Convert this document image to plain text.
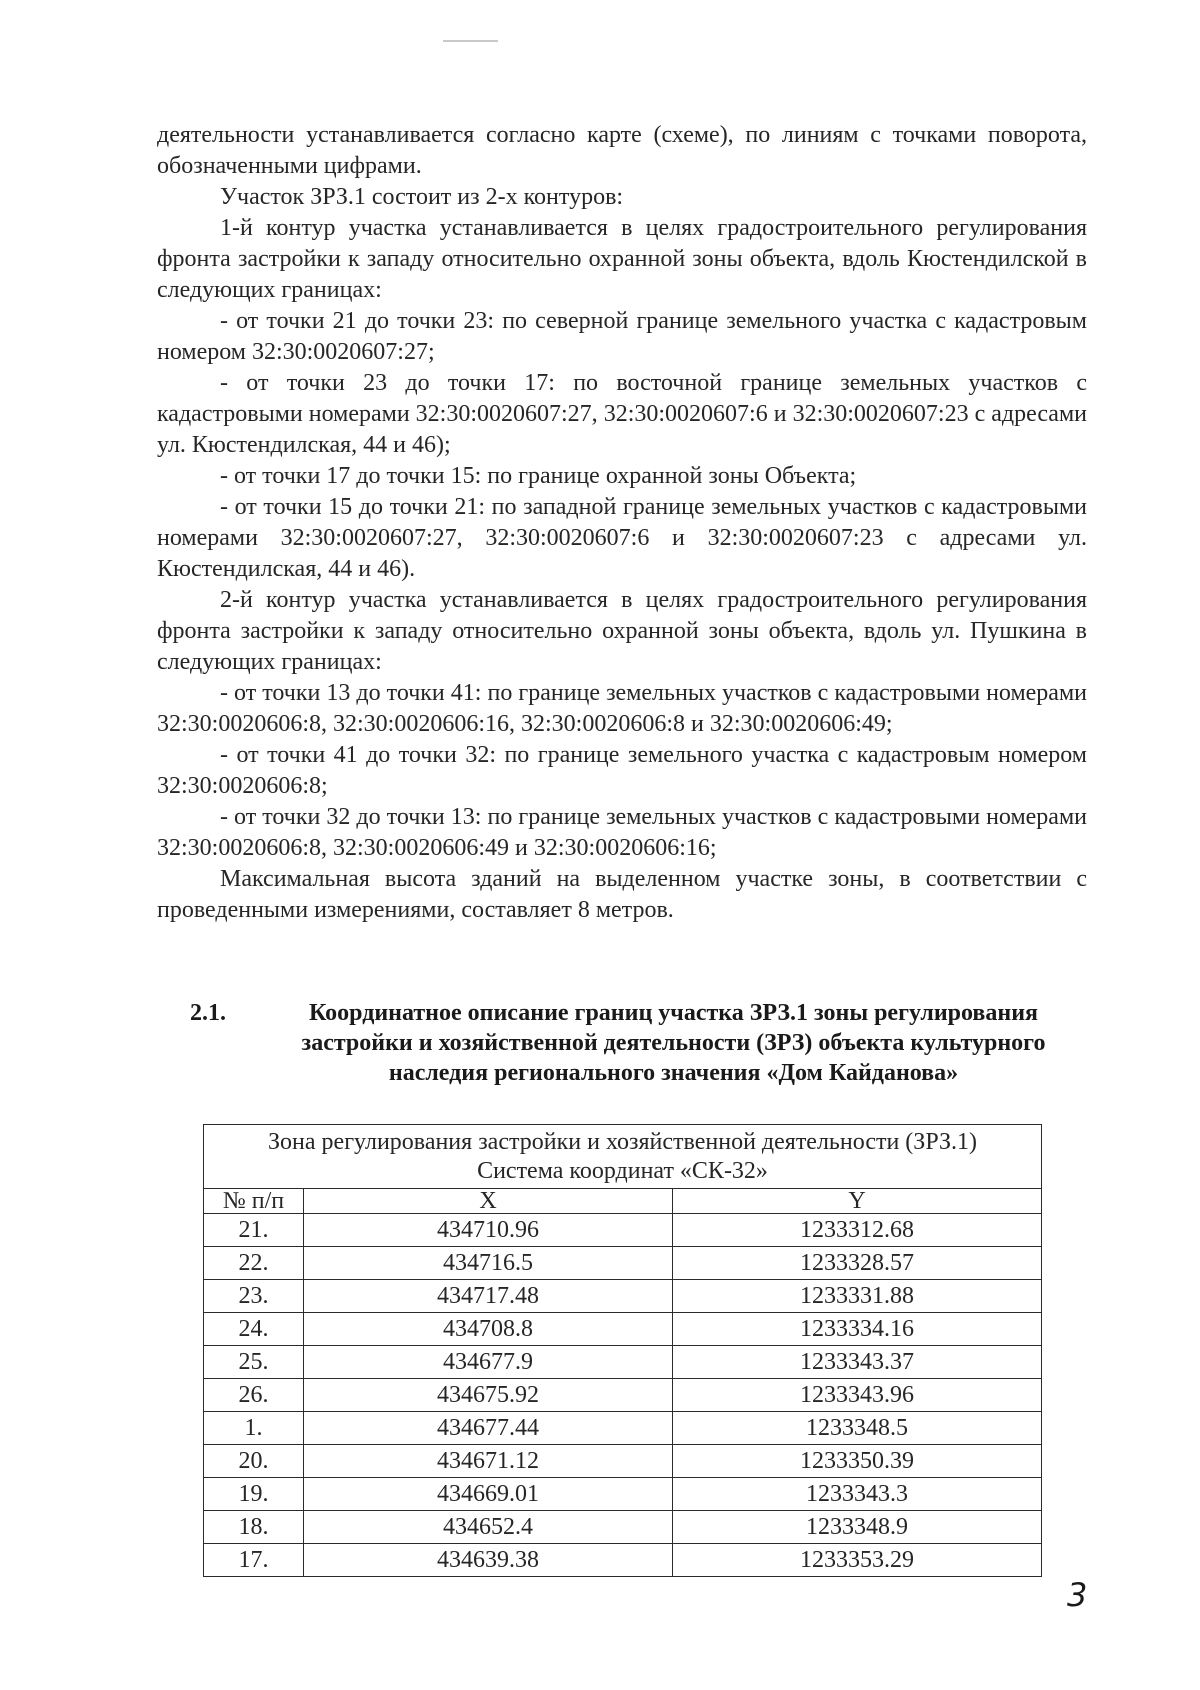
деятельности устанавливается согласно карте (схеме), по линиям с точками поворота, обозначенными цифрами.

Участок ЗРЗ.1 состоит из 2-х контуров:

1-й контур участка устанавливается в целях градостроительного регулирования фронта застройки к западу относительно охранной зоны объекта, вдоль Кюстендилской в следующих границах:

- от точки 21 до точки 23: по северной границе земельного участка с кадастровым номером 32:30:0020607:27;

- от точки 23 до точки 17: по восточной границе земельных участков с кадастровыми номерами 32:30:0020607:27, 32:30:0020607:6 и 32:30:0020607:23 с адресами ул. Кюстендилская, 44 и 46);

- от точки 17 до точки 15: по границе охранной зоны Объекта;

- от точки 15 до точки 21: по западной границе земельных участков с кадастровыми номерами 32:30:0020607:27, 32:30:0020607:6 и 32:30:0020607:23 с адресами ул. Кюстендилская, 44 и 46).

2-й контур участка устанавливается в целях градостроительного регулирования фронта застройки к западу относительно охранной зоны объекта, вдоль ул. Пушкина в следующих границах:

- от точки 13 до точки 41: по границе земельных участков с кадастровыми номерами 32:30:0020606:8, 32:30:0020606:16, 32:30:0020606:8 и 32:30:0020606:49;

- от точки 41 до точки 32: по границе земельного участка с кадастровым номером 32:30:0020606:8;

- от точки 32 до точки 13: по границе земельных участков с кадастровыми номерами 32:30:0020606:8, 32:30:0020606:49 и 32:30:0020606:16;

Максимальная высота зданий на выделенном участке зоны, в соответствии с проведенными измерениями, составляет 8 метров.

2.1.	Координатное описание границ участка ЗРЗ.1 зоны регулирования застройки и хозяйственной деятельности (ЗРЗ) объекта культурного наследия регионального значения «Дом Кайданова»
Зона регулирования застройки и хозяйственной деятельности (ЗРЗ.1)
Система координат «СК-32»		

№ п/п	X	Y
21.	434710.96	1233312.68
22.	434716.5	1233328.57
23.	434717.48	1233331.88
24.	434708.8	1233334.16
25.	434677.9	1233343.37
26.	434675.92	1233343.96
1.	434677.44	1233348.5
20.	434671.12	1233350.39
19.	434669.01	1233343.3
18.	434652.4	1233348.9
17.	434639.38	1233353.29
3
